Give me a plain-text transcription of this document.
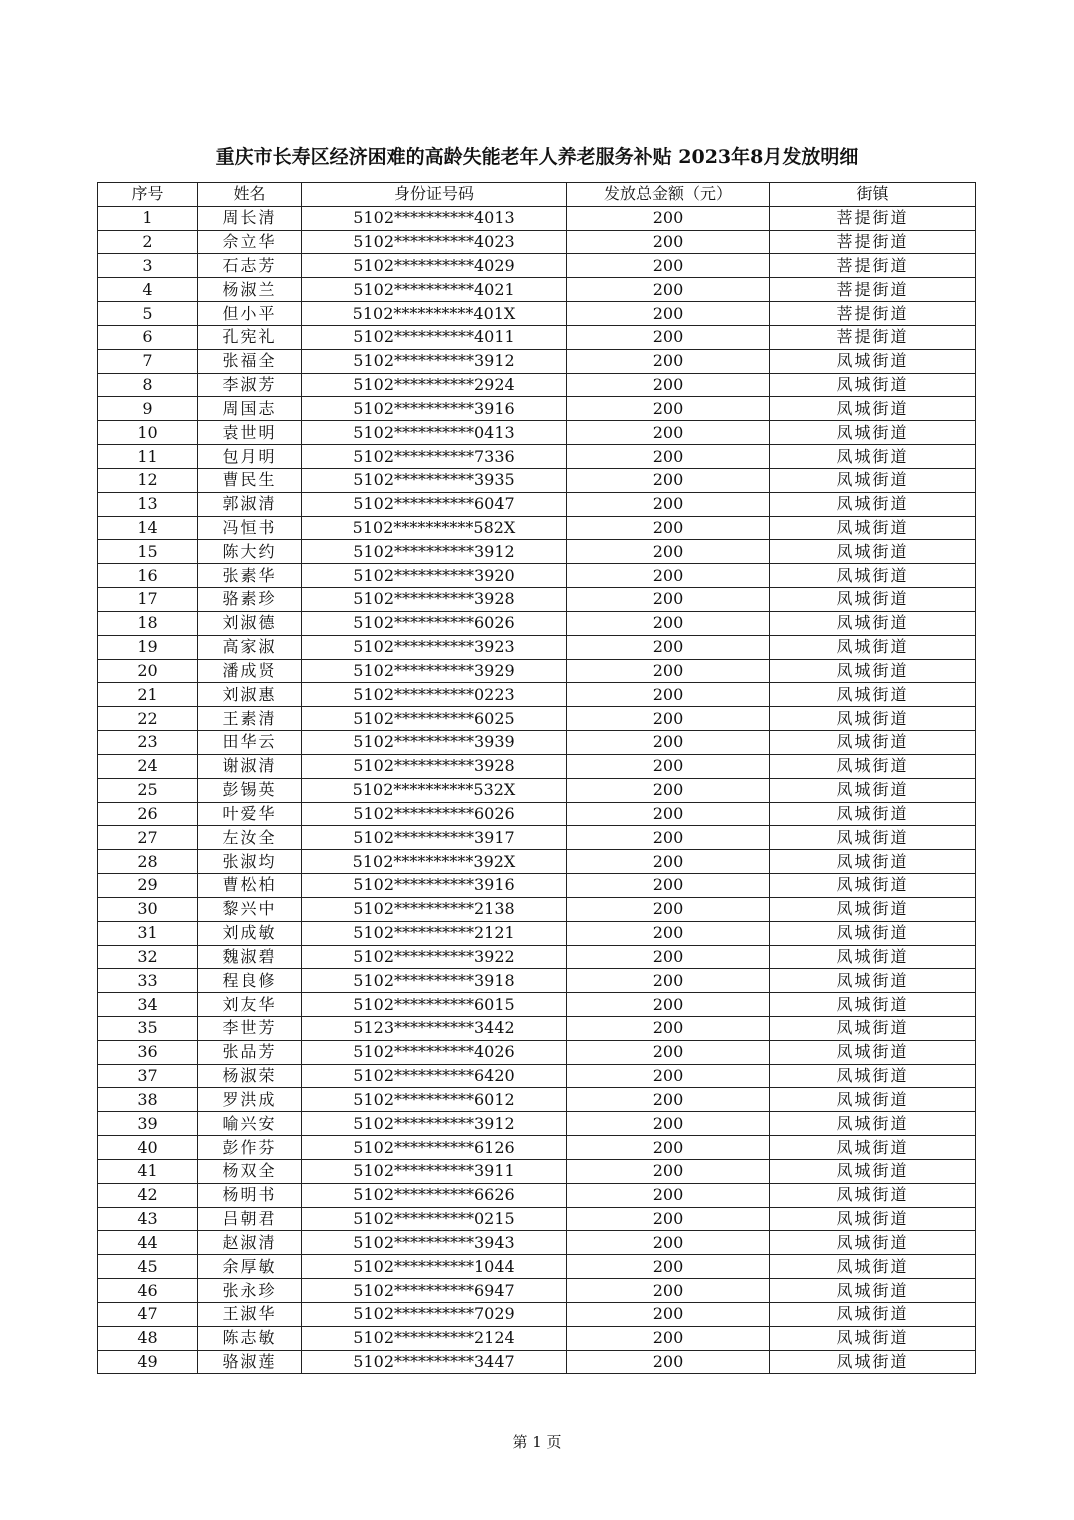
重庆市长寿区经济困难的高龄失能老年人养老服务补贴 2023年8月发放明细
序号	姓名	身份证号码	发放总金额（元）	街镇
1	周长清	5102**********4013	200	菩提街道
2	佘立华	5102**********4023	200	菩提街道
3	石志芳	5102**********4029	200	菩提街道
4	杨淑兰	5102**********4021	200	菩提街道
5	但小平	5102**********401X	200	菩提街道
6	孔宪礼	5102**********4011	200	菩提街道
7	张福全	5102**********3912	200	凤城街道
8	李淑芳	5102**********2924	200	凤城街道
9	周国志	5102**********3916	200	凤城街道
10	袁世明	5102**********0413	200	凤城街道
11	包月明	5102**********7336	200	凤城街道
12	曹民生	5102**********3935	200	凤城街道
13	郭淑清	5102**********6047	200	凤城街道
14	冯恒书	5102**********582X	200	凤城街道
15	陈大约	5102**********3912	200	凤城街道
16	张素华	5102**********3920	200	凤城街道
17	骆素珍	5102**********3928	200	凤城街道
18	刘淑德	5102**********6026	200	凤城街道
19	高家淑	5102**********3923	200	凤城街道
20	潘成贤	5102**********3929	200	凤城街道
21	刘淑惠	5102**********0223	200	凤城街道
22	王素清	5102**********6025	200	凤城街道
23	田华云	5102**********3939	200	凤城街道
24	谢淑清	5102**********3928	200	凤城街道
25	彭锡英	5102**********532X	200	凤城街道
26	叶爱华	5102**********6026	200	凤城街道
27	左汝全	5102**********3917	200	凤城街道
28	张淑均	5102**********392X	200	凤城街道
29	曹松柏	5102**********3916	200	凤城街道
30	黎兴中	5102**********2138	200	凤城街道
31	刘成敏	5102**********2121	200	凤城街道
32	魏淑碧	5102**********3922	200	凤城街道
33	程良修	5102**********3918	200	凤城街道
34	刘友华	5102**********6015	200	凤城街道
35	李世芳	5123**********3442	200	凤城街道
36	张品芳	5102**********4026	200	凤城街道
37	杨淑荣	5102**********6420	200	凤城街道
38	罗洪成	5102**********6012	200	凤城街道
39	喻兴安	5102**********3912	200	凤城街道
40	彭作芬	5102**********6126	200	凤城街道
41	杨双全	5102**********3911	200	凤城街道
42	杨明书	5102**********6626	200	凤城街道
43	吕朝君	5102**********0215	200	凤城街道
44	赵淑清	5102**********3943	200	凤城街道
45	余厚敏	5102**********1044	200	凤城街道
46	张永珍	5102**********6947	200	凤城街道
47	王淑华	5102**********7029	200	凤城街道
48	陈志敏	5102**********2124	200	凤城街道
49	骆淑莲	5102**********3447	200	凤城街道
第 1 页
